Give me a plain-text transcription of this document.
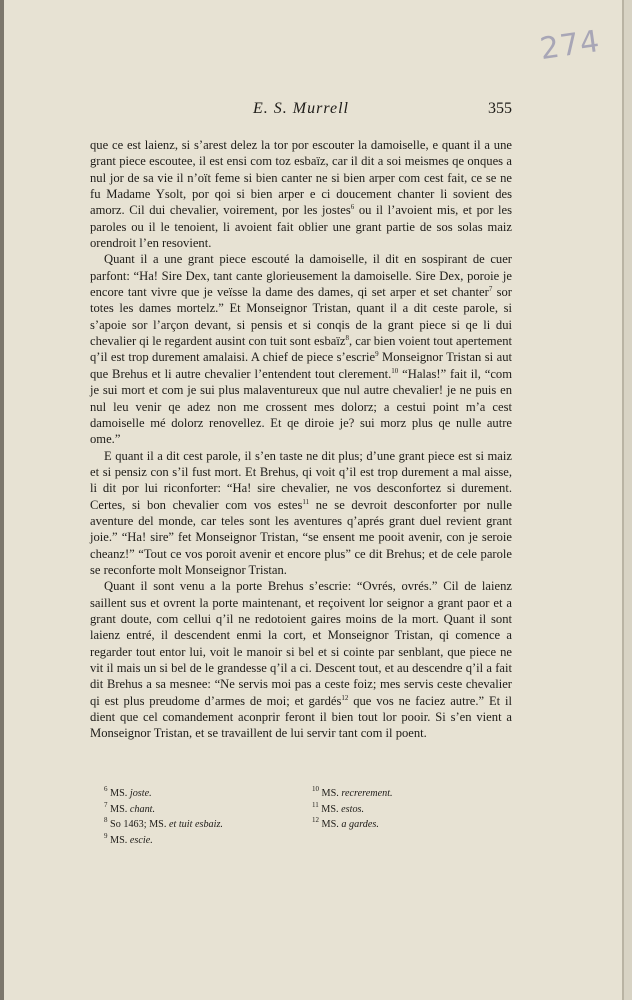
274
E. S. Murrell	355

que ce est laienz, si s’arest delez la tor por escouter la damoiselle, e quant il a une grant piece escoutee, il est ensi com toz esbaïz, car il dit a soi meismes qe onques a nul jor de sa vie il n’oït feme si bien canter ne si bien arper com cest fait, ce se ne fu Madame Ysolt, por qoi si bien arper e ci doucement chanter li sovient des amorz. Cil dui chevalier, voirement, por les jostes$^6$ ou il l’avoient mis, et por les paroles ou il le tenoient, li avoient fait oblier une grant partie de sos solas maiz orendroit l’en resovient.

Quant il a une grant piece escouté la damoiselle, il dit en sospirant de cuer parfont: “Ha! Sire Dex, tant cante glorieusement la damoiselle. Sire Dex, poroie je encore tant vivre que je veïsse la dame des dames, qi set arper et set chanter$^7$ sor totes les dames mortelz.” Et Monseignor Tristan, quant il a dit ceste parole, si s’apoie sor l’arçon devant, si pensis et si conqis de la grant piece si qe li dui chevalier qi le regardent ausint con tuit sont esbaïz$^8$, car bien voient tout apertement q’il est trop durement amalaisi. A chief de piece s’escrie$^9$ Monseignor Tristan si aut que Brehus et li autre chevalier l’entendent tout clerement.$^{10}$ “Halas!” fait il, “com je sui mort et com je sui plus malaventureux que nul autre chevalier! je ne puis en nul leu venir qe adez non me crossent mes dolorz; a cestui point m’a cest damoiselle mé dolorz renovellez. Et qe diroie je? sui morz plus qe nulle autre ome.”

E quant il a dit cest parole, il s’en taste ne dit plus; d’une grant piece est si maiz et si pensiz con s’il fust mort. Et Brehus, qi voit q’il est trop durement a mal aisse, li dit por lui riconforter: “Ha! sire chevalier, ne vos desconfortez si durement. Certes, si bon chevalier com vos estes$^{11}$ ne se devroit desconforter por nulle aventure del monde, car teles sont les aventures q’aprés grant duel revient grant joie.” “Ha! sire” fet Monseignor Tristan, “se ensent me pooit avenir, con je seroie cheanz!” “Tout ce vos poroit avenir et encore plus” ce dit Brehus; et de cele parole se reconforte molt Monseignor Tristan.

Quant il sont venu a la porte Brehus s’escrie: “Ovrés, ovrés.” Cil de laienz saillent sus et ovrent la porte maintenant, et reçoivent lor seignor a grant paor et a grant doute, com cellui q’il ne redotoient gaires moins de la mort. Quant il sont laienz entré, il descendent enmi la cort, et Monseignor Tristan, qi comence a regarder tout entor lui, voit le manoir si bel et si cointe par senblant, que piece ne vit il mais un si bel de le grandesse q’il a ci. Descent tout, et au descendre q’il a fait dit Brehus a sa mesnee: “Ne servis moi pas a ceste foiz; mes servis ceste chevalier qi est plus preudome d’armes de moi; et gardés$^{12}$ que vos ne faciez autre.” Et il dient que cel comandement aconprir feront il bien tout lor pooir. Si s’en vient a Monseignor Tristan, et se travaillent de lui servir tant com il poent.

$^6$ MS. joste.
$^7$ MS. chant.
$^8$ So 1463; MS. et tuit esbaiz.
$^9$ MS. escie.
$^{10}$ MS. recrerement.
$^{11}$ MS. estos.
$^{12}$ MS. a gardes.
